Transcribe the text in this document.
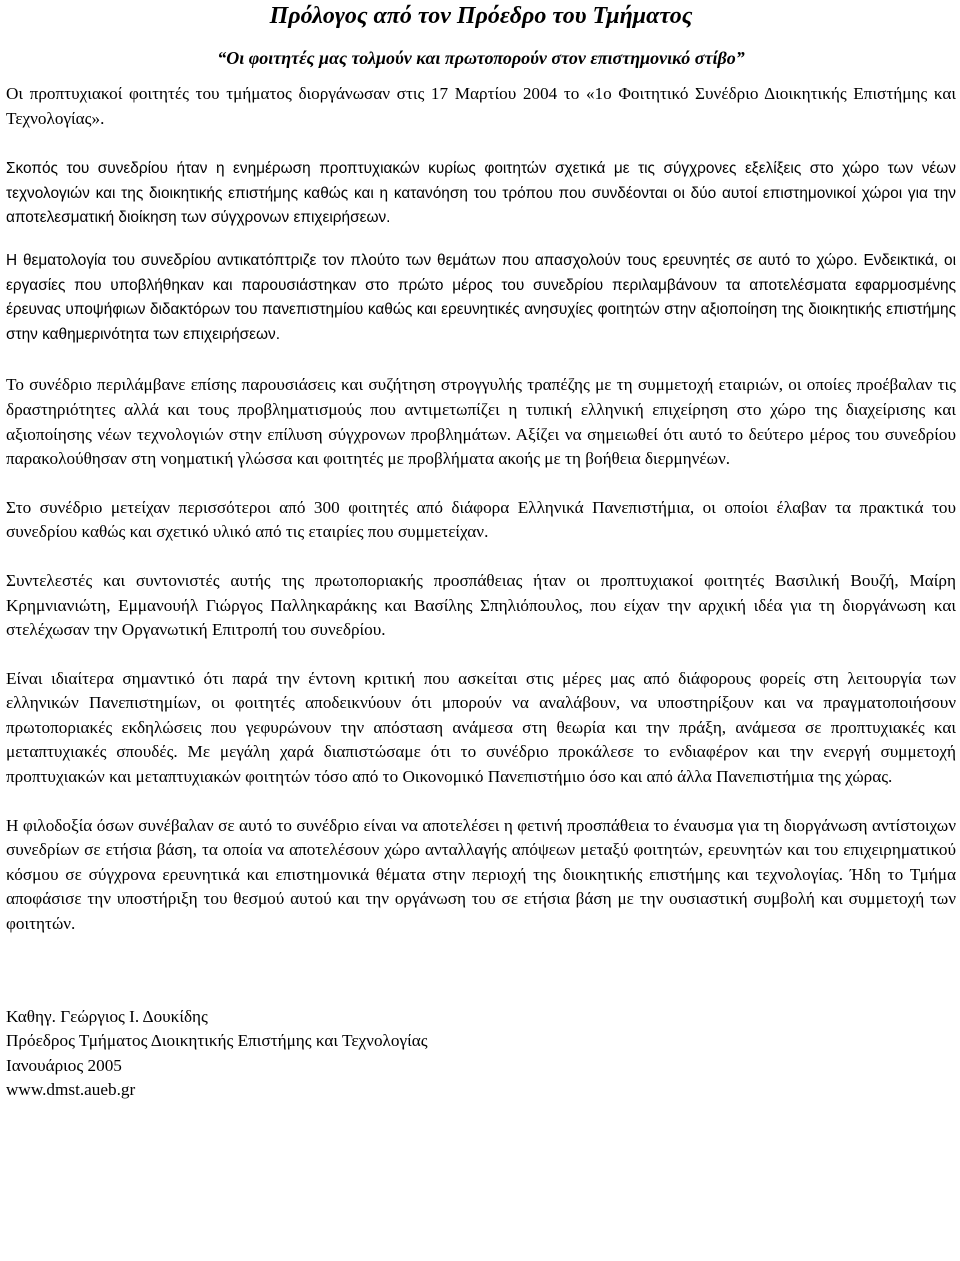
Πρόλογος από τον Πρόεδρο του Τμήματος
“Οι φοιτητές μας τολμούν και πρωτοπορούν στον επιστημονικό στίβο”

Οι προπτυχιακοί φοιτητές του τμήματος διοργάνωσαν στις 17 Μαρτίου 2004 το «1ο Φοιτητικό Συνέδριο Διοικητικής Επιστήμης και Τεχνολογίας».

Σκοπός του συνεδρίου ήταν η ενημέρωση προπτυχιακών κυρίως φοιτητών σχετικά με τις σύγχρονες εξελίξεις στο χώρο των νέων τεχνολογιών και της διοικητικής επιστήμης καθώς και η κατανόηση του τρόπου που συνδέονται οι δύο αυτοί επιστημονικοί χώροι για την αποτελεσματική διοίκηση των σύγχρονων επιχειρήσεων.

Η θεματολογία του συνεδρίου αντικατόπτριζε τον πλούτο των θεμάτων που απασχολούν τους ερευνητές σε αυτό το χώρο. Ενδεικτικά, οι εργασίες που υποβλήθηκαν και παρουσιάστηκαν στο πρώτο μέρος του συνεδρίου περιλαμβάνουν τα αποτελέσματα εφαρμοσμένης έρευνας υποψήφιων διδακτόρων του πανεπιστημίου καθώς και ερευνητικές ανησυχίες φοιτητών στην αξιοποίηση της διοικητικής επιστήμης στην καθημερινότητα των επιχειρήσεων.

Το συνέδριο περιλάμβανε επίσης παρουσιάσεις και συζήτηση στρογγυλής τραπέζης με τη συμμετοχή εταιριών, οι οποίες προέβαλαν τις δραστηριότητες αλλά και τους προβληματισμούς που αντιμετωπίζει η τυπική ελληνική επιχείρηση στο χώρο της διαχείρισης και αξιοποίησης νέων τεχνολογιών στην επίλυση σύγχρονων προβλημάτων. Αξίζει να σημειωθεί ότι αυτό το δεύτερο μέρος του συνεδρίου παρακολούθησαν στη νοηματική γλώσσα και φοιτητές με προβλήματα ακοής με τη βοήθεια διερμηνέων.

Στο συνέδριο μετείχαν περισσότεροι από 300 φοιτητές από διάφορα Ελληνικά Πανεπιστήμια, οι οποίοι έλαβαν τα πρακτικά του συνεδρίου καθώς και σχετικό υλικό από τις εταιρίες που συμμετείχαν.

Συντελεστές και συντονιστές αυτής της πρωτοποριακής προσπάθειας ήταν οι προπτυχιακοί φοιτητές Βασιλική Βουζή, Μαίρη Κρημνιανιώτη, Εμμανουήλ Γιώργος Παλληκαράκης και Βασίλης Σπηλιόπουλος, που είχαν την αρχική ιδέα για τη διοργάνωση και στελέχωσαν την Οργανωτική Επιτροπή του συνεδρίου.

Είναι ιδιαίτερα σημαντικό ότι παρά την έντονη κριτική που ασκείται στις μέρες μας από διάφορους φορείς στη λειτουργία των ελληνικών Πανεπιστημίων, οι φοιτητές αποδεικνύουν ότι μπορούν να αναλάβουν, να υποστηρίξουν και να πραγματοποιήσουν πρωτοποριακές εκδηλώσεις που γεφυρώνουν την απόσταση ανάμεσα στη θεωρία και την πράξη, ανάμεσα σε προπτυχιακές και μεταπτυχιακές σπουδές. Με μεγάλη χαρά διαπιστώσαμε ότι το συνέδριο προκάλεσε το ενδιαφέρον και την ενεργή συμμετοχή προπτυχιακών και μεταπτυχιακών φοιτητών τόσο από το Οικονομικό Πανεπιστήμιο όσο και από άλλα Πανεπιστήμια της χώρας.

Η φιλοδοξία όσων συνέβαλαν σε αυτό το συνέδριο είναι να αποτελέσει η φετινή προσπάθεια το έναυσμα για τη διοργάνωση αντίστοιχων συνεδρίων σε ετήσια βάση, τα οποία να αποτελέσουν χώρο ανταλλαγής απόψεων μεταξύ φοιτητών, ερευνητών και του επιχειρηματικού κόσμου σε σύγχρονα ερευνητικά και επιστημονικά θέματα στην περιοχή της διοικητικής επιστήμης και τεχνολογίας. Ήδη το Τμήμα αποφάσισε την υποστήριξη του θεσμού αυτού και την οργάνωση του σε ετήσια βάση με την ουσιαστική συμβολή και συμμετοχή των φοιτητών.

Καθηγ. Γεώργιος Ι. Δουκίδης
Πρόεδρος Τμήματος Διοικητικής Επιστήμης και Τεχνολογίας
Ιανουάριος 2005
www.dmst.aueb.gr
